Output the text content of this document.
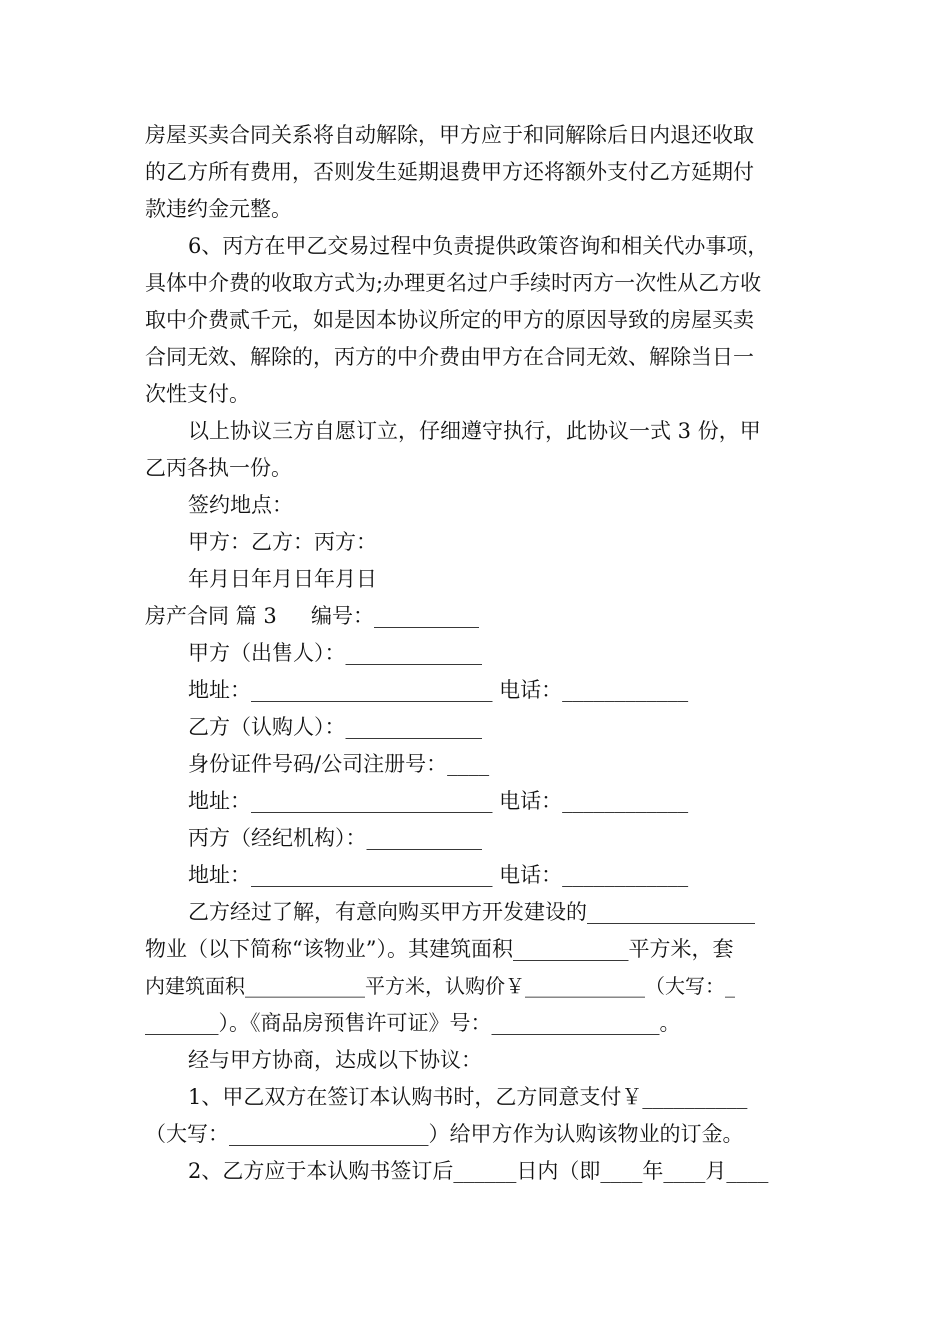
房屋买卖合同关系将自动解除，甲方应于和同解除后日内退还收取
的乙方所有费用，否则发生延期退费甲方还将额外支付乙方延期付
款违约金元整。
6、丙方在甲乙交易过程中负责提供政策咨询和相关代办事项，
具体中介费的收取方式为;办理更名过户手续时丙方一次性从乙方收
取中介费贰千元，如是因本协议所定的甲方的原因导致的房屋买卖
合同无效、解除的，丙方的中介费由甲方在合同无效、解除当日一
次性支付。
以上协议三方自愿订立，仔细遵守执行，此协议一式 3 份，甲
乙丙各执一份。
签约地点：
甲方：乙方：丙方：
年月日年月日年月日
房产合同 篇 3 　 编号：__________
甲方（出售人）：_____________
地址：_______________________ 电话：____________
乙方（认购人）：_____________
身份证件号码/公司注册号：____
地址：_______________________ 电话：____________
丙方（经纪机构）：___________
地址：_______________________ 电话：____________
乙方经过了解，有意向购买甲方开发建设的________________
物业（以下简称“该物业”）。其建筑面积___________平方米，套
内建筑面积____________平方米，认购价￥____________（大写：_
_______）。《商品房预售许可证》号：________________。
经与甲方协商，达成以下协议：
1、甲乙双方在签订本认购书时，乙方同意支付￥__________
（大写：___________________）给甲方作为认购该物业的订金。
2、乙方应于本认购书签订后______日内（即____年____月____
